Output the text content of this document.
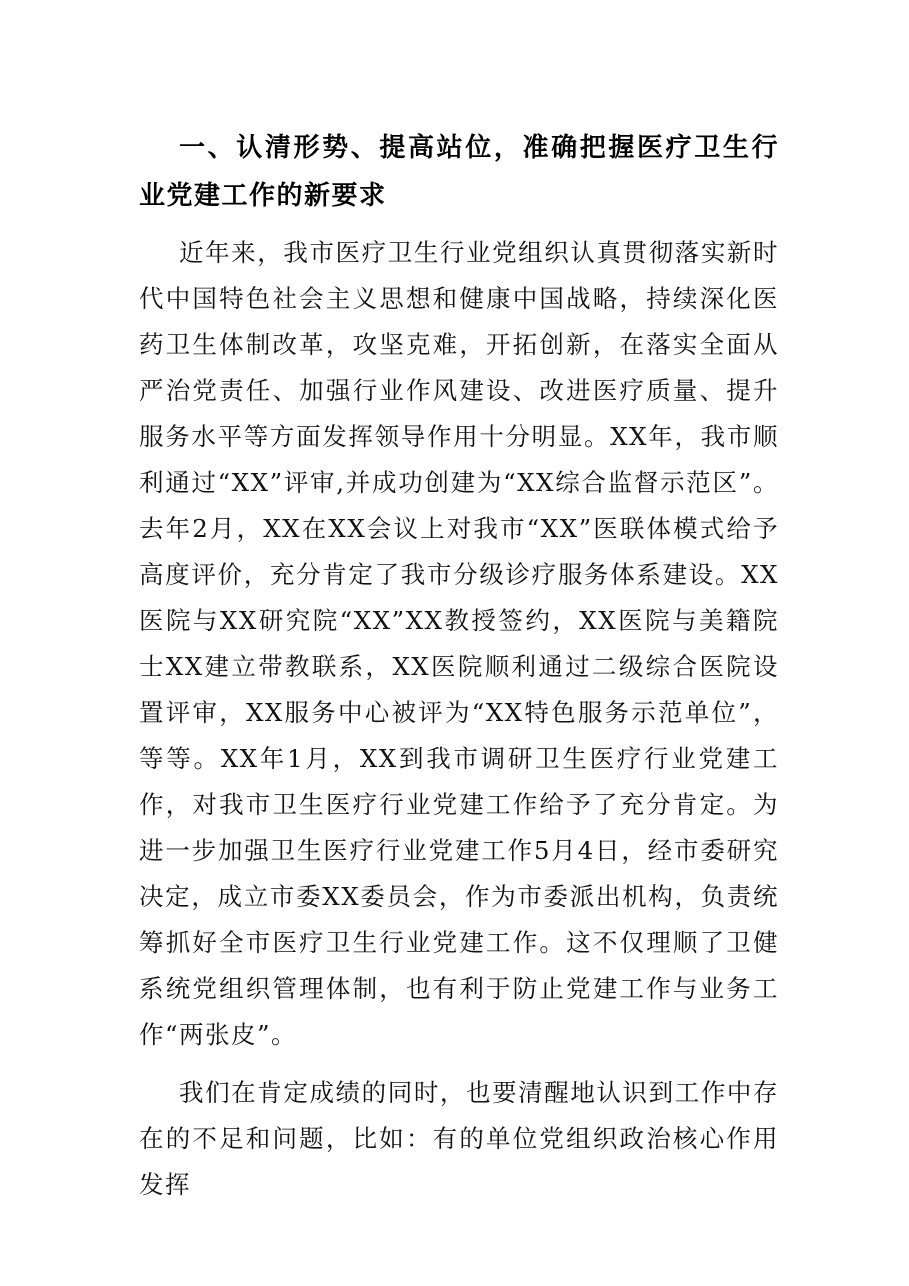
一、认清形势、提高站位，准确把握医疗卫生行业党建工作的新要求

近年来，我市医疗卫生行业党组织认真贯彻落实新时代中国特色社会主义思想和健康中国战略，持续深化医药卫生体制改革，攻坚克难，开拓创新，在落实全面从严治党责任、加强行业作风建设、改进医疗质量、提升服务水平等方面发挥领导作用十分明显。XX年，我市顺利通过“XX”评审,并成功创建为“XX综合监督示范区”。去年2月，XX在XX会议上对我市“XX”医联体模式给予高度评价，充分肯定了我市分级诊疗服务体系建设。XX医院与XX研究院“XX”XX教授签约，XX医院与美籍院士XX建立带教联系，XX医院顺利通过二级综合医院设置评审，XX服务中心被评为“XX特色服务示范单位”，等等。XX年1月，XX到我市调研卫生医疗行业党建工作，对我市卫生医疗行业党建工作给予了充分肯定。为进一步加强卫生医疗行业党建工作5月4日，经市委研究决定，成立市委XX委员会，作为市委派出机构，负责统筹抓好全市医疗卫生行业党建工作。这不仅理顺了卫健系统党组织管理体制，也有利于防止党建工作与业务工作“两张皮”。

我们在肯定成绩的同时，也要清醒地认识到工作中存在的不足和问题，比如：有的单位党组织政治核心作用发挥
